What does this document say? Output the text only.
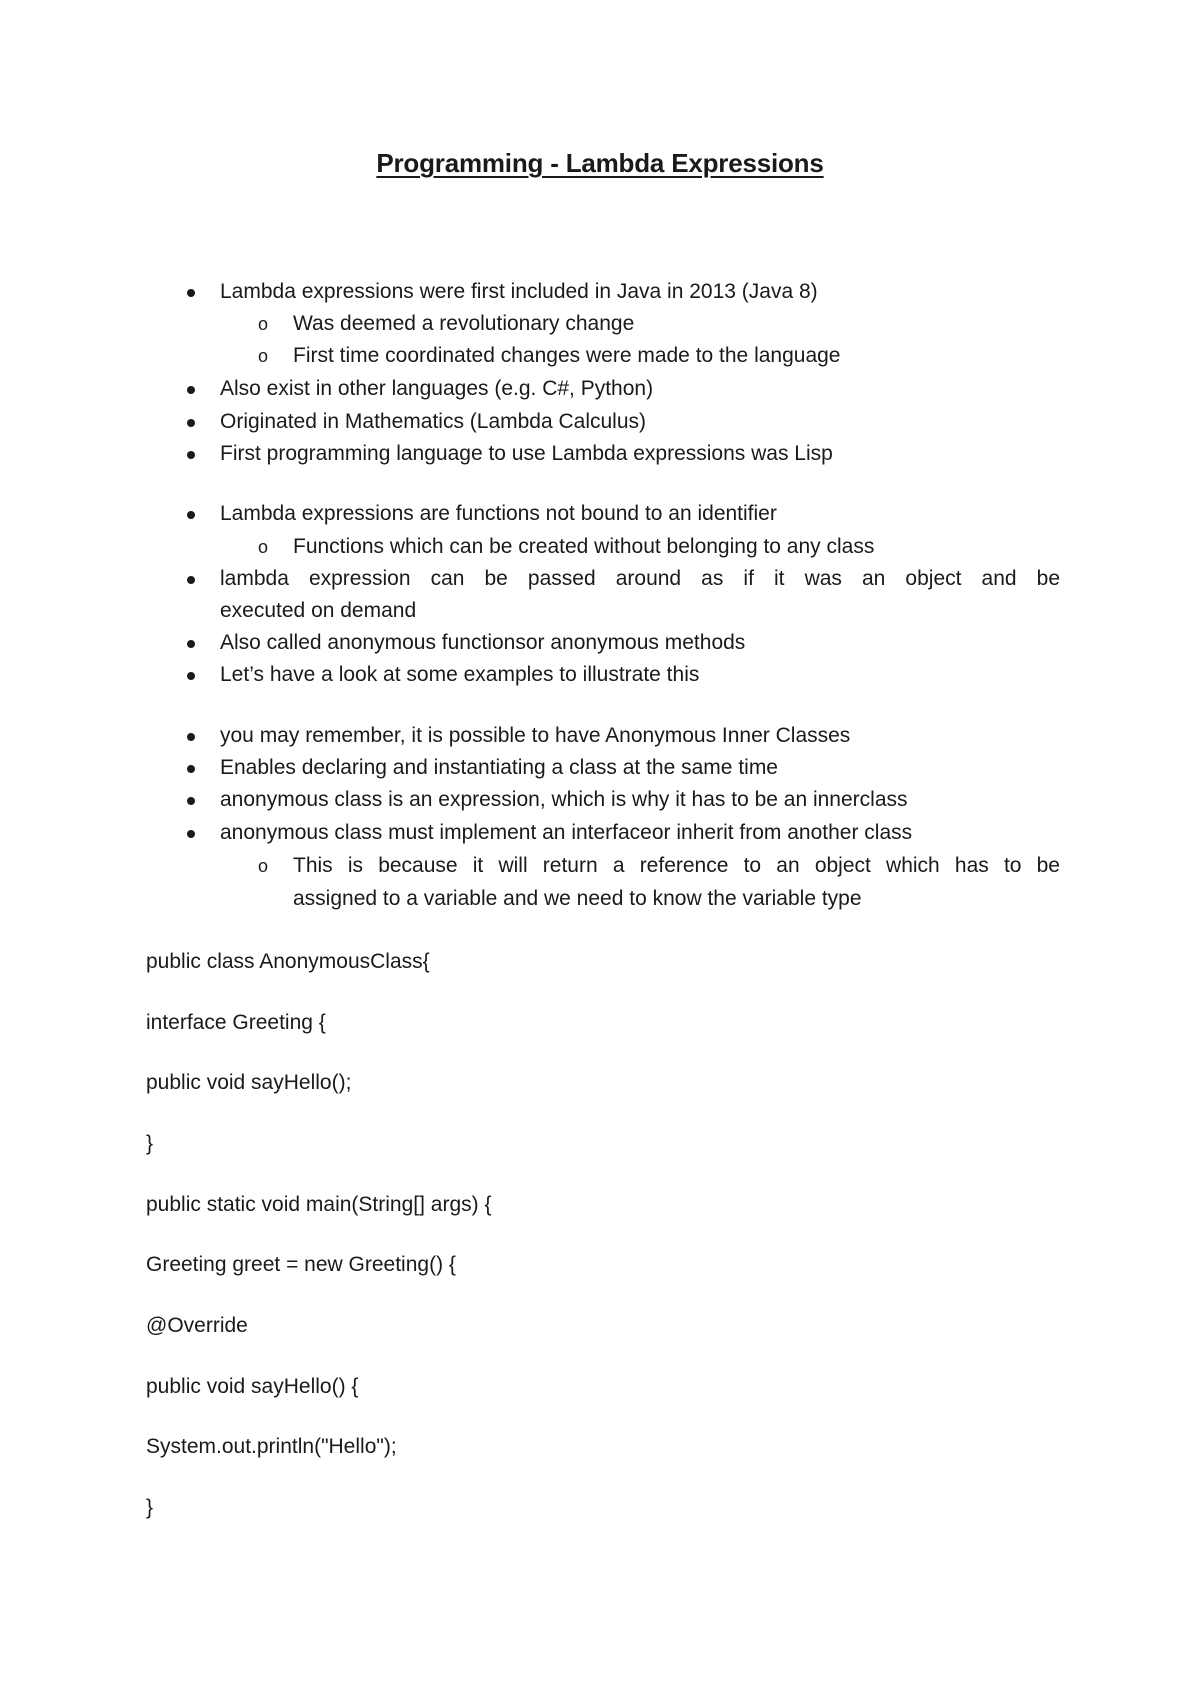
Programming - Lambda Expressions
Lambda expressions were first included in Java in 2013 (Java 8)
o Was deemed a revolutionary change
o First time coordinated changes were made to the language
Also exist in other languages (e.g. C#, Python)
Originated in Mathematics (Lambda Calculus)
First programming language to use Lambda expressions was Lisp
Lambda expressions are functions not bound to an identifier
o Functions which can be created without belonging to any class
lambda expression can be passed around as if it was an object and be
executed on demand
Also called anonymous functionsor anonymous methods
Let’s have a look at some examples to illustrate this
you may remember, it is possible to have Anonymous Inner Classes
Enables declaring and instantiating a class at the same time
anonymous class is an expression, which is why it has to be an innerclass
anonymous class must implement an interfaceor inherit from another class
o This is because it will return a reference to an object which has to be
assigned to a variable and we need to know the variable type
public class AnonymousClass{
interface Greeting {
public void sayHello();
}
public static void main(String[] args) {
Greeting greet = new Greeting() {
@Override
public void sayHello() {
System.out.println("Hello");
}
